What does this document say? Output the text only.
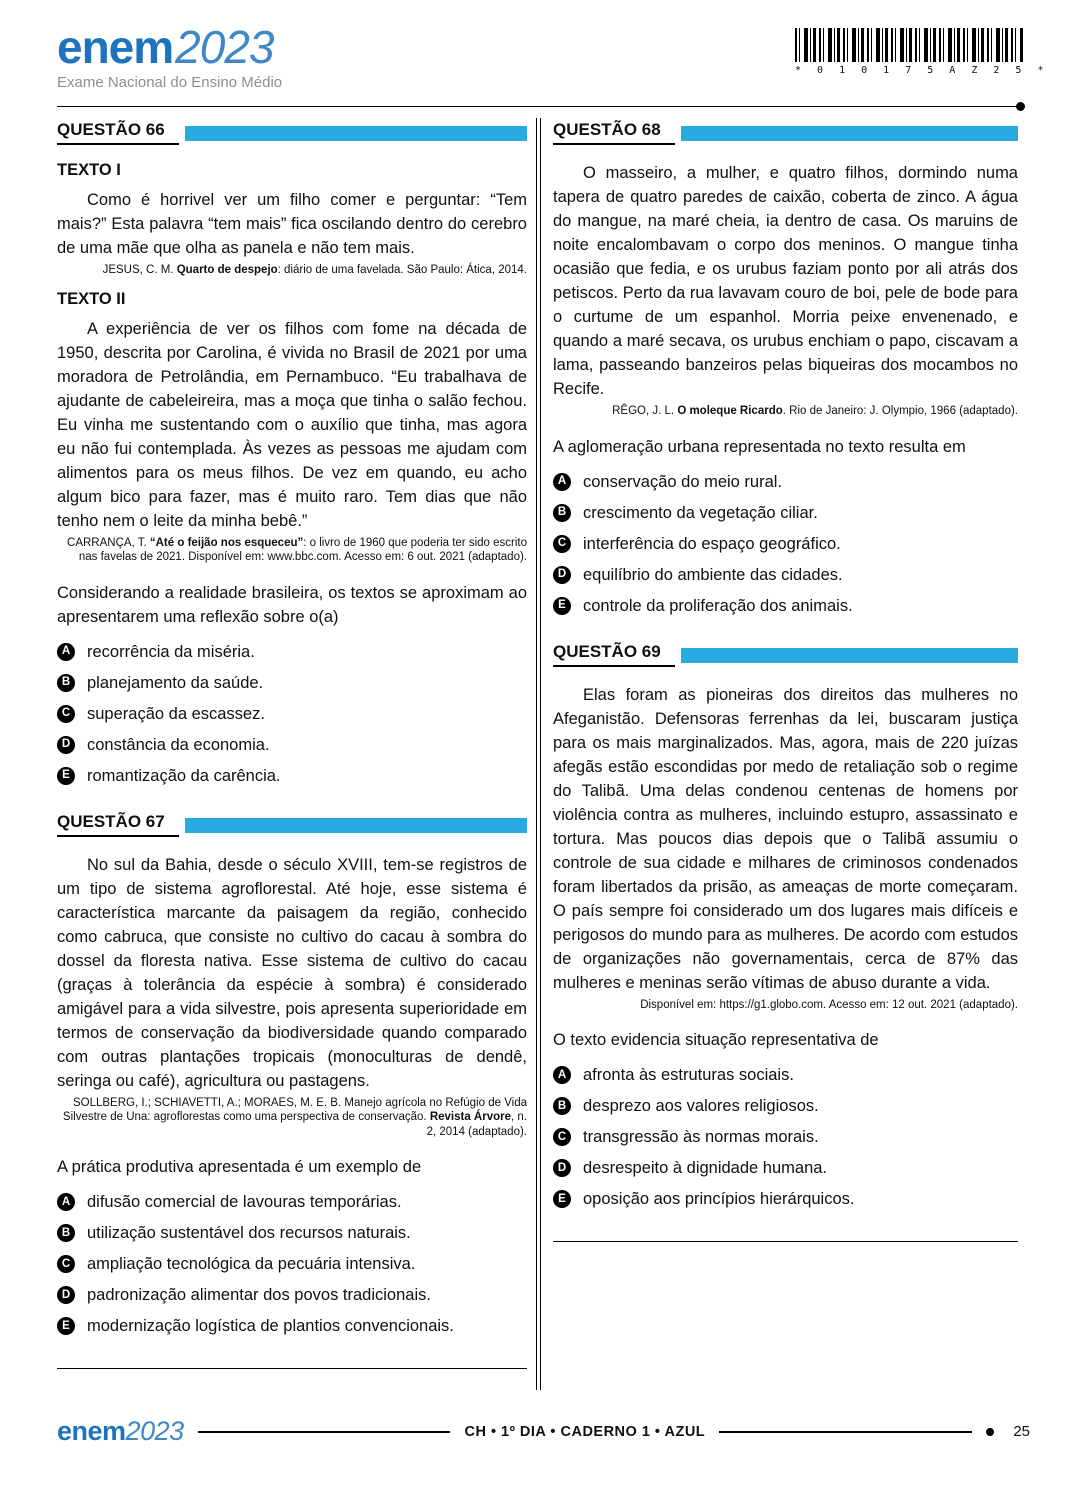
enem2023
Exame Nacional do Ensino Médio
* 0 1 0 1 7 5 A Z 2 5 *
QUESTÃO 66
TEXTO I

Como é horrivel ver um filho comer e perguntar: “Tem mais?” Esta palavra “tem mais” fica oscilando dentro do cerebro de uma mãe que olha as panela e não tem mais.

JESUS, C. M. Quarto de despejo: diário de uma favelada. São Paulo: Ática, 2014.

TEXTO II

A experiência de ver os filhos com fome na década de 1950, descrita por Carolina, é vivida no Brasil de 2021 por uma moradora de Petrolândia, em Pernambuco. “Eu trabalhava de ajudante de cabeleireira, mas a moça que tinha o salão fechou. Eu vinha me sustentando com o auxílio que tinha, mas agora eu não fui contemplada. Às vezes as pessoas me ajudam com alimentos para os meus filhos. De vez em quando, eu acho algum bico para fazer, mas é muito raro. Tem dias que não tenho nem o leite da minha bebê.”

CARRANÇA, T. “Até o feijão nos esqueceu”: o livro de 1960 que poderia ter sido escrito nas favelas de 2021. Disponível em: www.bbc.com. Acesso em: 6 out. 2021 (adaptado).

Considerando a realidade brasileira, os textos se aproximam ao apresentarem uma reflexão sobre o(a)

A recorrência da miséria.
B planejamento da saúde.
C superação da escassez.
D constância da economia.
E	romantização da carência.
QUESTÃO 67

No sul da Bahia, desde o século XVIII, tem-se registros de um tipo de sistema agroflorestal. Até hoje, esse sistema é característica marcante da paisagem da região, conhecido como cabruca, que consiste no cultivo do cacau à sombra do dossel da floresta nativa. Esse sistema de cultivo do cacau (graças à tolerância da espécie à sombra) é considerado amigável para a vida silvestre, pois apresenta superioridade em termos de conservação da biodiversidade quando comparado com outras plantações tropicais (monoculturas de dendê, seringa ou café), agricultura ou pastagens.

SOLLBERG, I.; SCHIAVETTI, A.; MORAES, M. E. B. Manejo agrícola no Refúgio de Vida Silvestre de Una: agroflorestas como uma perspectiva de conservação. Revista Árvore, n. 2, 2014 (adaptado).

A prática produtiva apresentada é um exemplo de

A difusão comercial de lavouras temporárias.
B utilização sustentável dos recursos naturais.
C ampliação tecnológica da pecuária intensiva.
D padronização alimentar dos povos tradicionais.
E	modernização logística de plantios convencionais.
QUESTÃO 68

O masseiro, a mulher, e quatro filhos, dormindo numa tapera de quatro paredes de caixão, coberta de zinco. A água do mangue, na maré cheia, ia dentro de casa. Os maruins de noite encalombavam o corpo dos meninos. O mangue tinha ocasião que fedia, e os urubus faziam ponto por ali atrás dos petiscos. Perto da rua lavavam couro de boi, pele de bode para o curtume de um espanhol. Morria peixe envenenado, e quando a maré secava, os urubus enchiam o papo, ciscavam a lama, passeando banzeiros pelas biqueiras dos mocambos no Recife.

RÊGO, J. L. O moleque Ricardo. Rio de Janeiro: J. Olympio, 1966 (adaptado).

A aglomeração urbana representada no texto resulta em

A conservação do meio rural.
B crescimento da vegetação ciliar.
C interferência do espaço geográfico.
D equilíbrio do ambiente das cidades.
E	controle da proliferação dos animais.
QUESTÃO 69

Elas foram as pioneiras dos direitos das mulheres no Afeganistão. Defensoras ferrenhas da lei, buscaram justiça para os mais marginalizados. Mas, agora, mais de 220 juízas afegãs estão escondidas por medo de retaliação sob o regime do Talibã. Uma delas condenou centenas de homens por violência contra as mulheres, incluindo estupro, assassinato e tortura. Mas poucos dias depois que o Talibã assumiu o controle de sua cidade e milhares de criminosos condenados foram libertados da prisão, as ameaças de morte começaram. O país sempre foi considerado um dos lugares mais difíceis e perigosos do mundo para as mulheres. De acordo com estudos de organizações não governamentais, cerca de 87% das mulheres e meninas serão vítimas de abuso durante a vida.

Disponível em: https://g1.globo.com. Acesso em: 12 out. 2021 (adaptado).

O texto evidencia situação representativa de

A afronta às estruturas sociais.
B desprezo aos valores religiosos.
C transgressão às normas morais.
D desrespeito à dignidade humana.
E	oposição aos princípios hierárquicos.
enem2023	CH • 1º DIA • CADERNO 1 • AZUL	25
